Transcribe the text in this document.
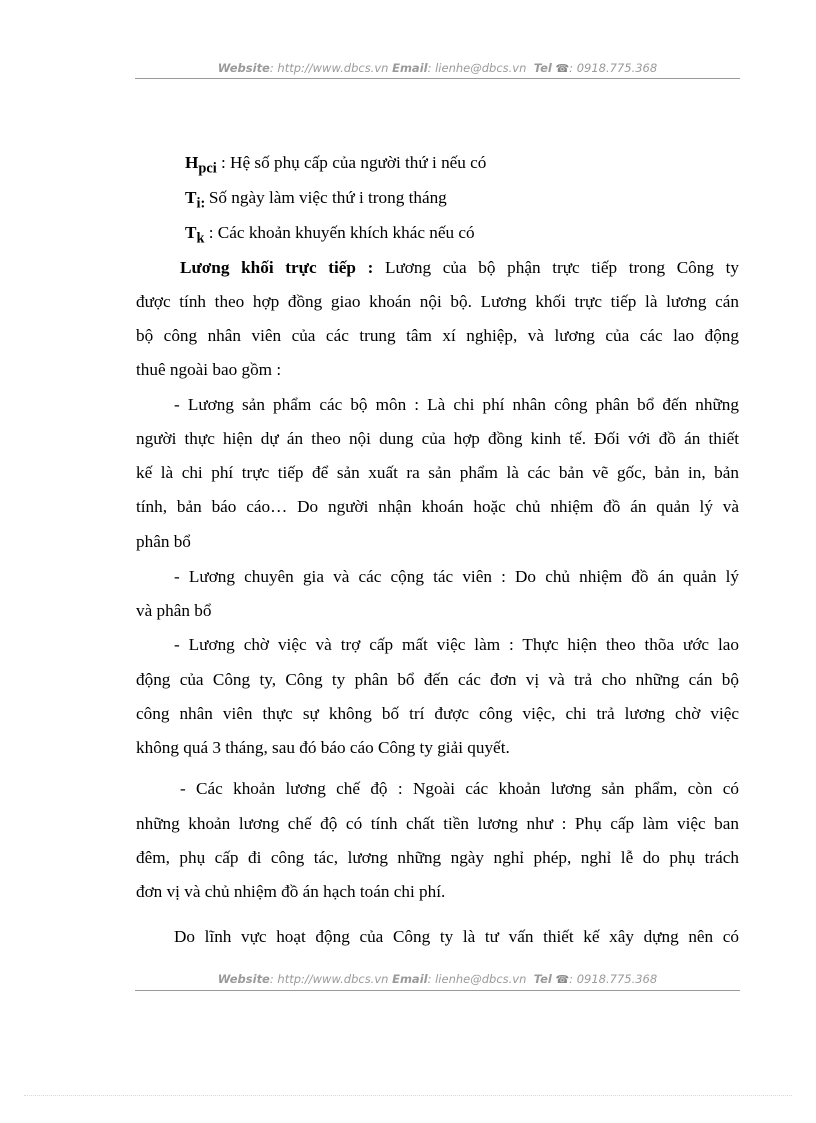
Website: http://www.dbcs.vn Email: lienhe@dbcs.vn Tel ☎: 0918.775.368
$H_{pci}$ : Hệ số phụ cấp của người thứ i nếu có
$T_{i:}$ Số ngày làm việc thứ i trong tháng
$T_k$ : Các khoản khuyến khích khác nếu có
Lương khối trực tiếp : Lương của bộ phận trực tiếp trong Công ty
được tính theo hợp đồng giao khoán nội bộ. Lương khối trực tiếp là lương cán
bộ công nhân viên của các trung tâm xí nghiệp, và lương của các lao động
thuê ngoài bao gồm :
- Lương sản phẩm các bộ môn : Là chi phí nhân công phân bổ đến những
người thực hiện dự án theo nội dung của hợp đồng kinh tế. Đối với đồ án thiết
kế là chi phí trực tiếp để sản xuất ra sản phẩm là các bản vẽ gốc, bản in, bản
tính, bản báo cáo… Do người nhận khoán hoặc chủ nhiệm đồ án quản lý và
phân bổ
- Lương chuyên gia và các cộng tác viên : Do chủ nhiệm đồ án quản lý
và phân bổ
- Lương chờ việc và trợ cấp mất việc làm : Thực hiện theo thõa ước lao
động của Công ty, Công ty phân bổ đến các đơn vị và trả cho những cán bộ
công nhân viên thực sự không bố trí được công việc, chi trả lương chờ việc
không quá 3 tháng, sau đó báo cáo Công ty giải quyết.
- Các khoản lương chế độ : Ngoài các khoản lương sản phẩm, còn có
những khoản lương chế độ có tính chất tiền lương như : Phụ cấp làm việc ban
đêm, phụ cấp đi công tác, lương những ngày nghỉ phép, nghỉ lễ do phụ trách
đơn vị và chủ nhiệm đồ án hạch toán chi phí.
Do lĩnh vực hoạt động của Công ty là tư vấn thiết kế xây dựng nên có
Website: http://www.dbcs.vn Email: lienhe@dbcs.vn Tel ☎: 0918.775.368
